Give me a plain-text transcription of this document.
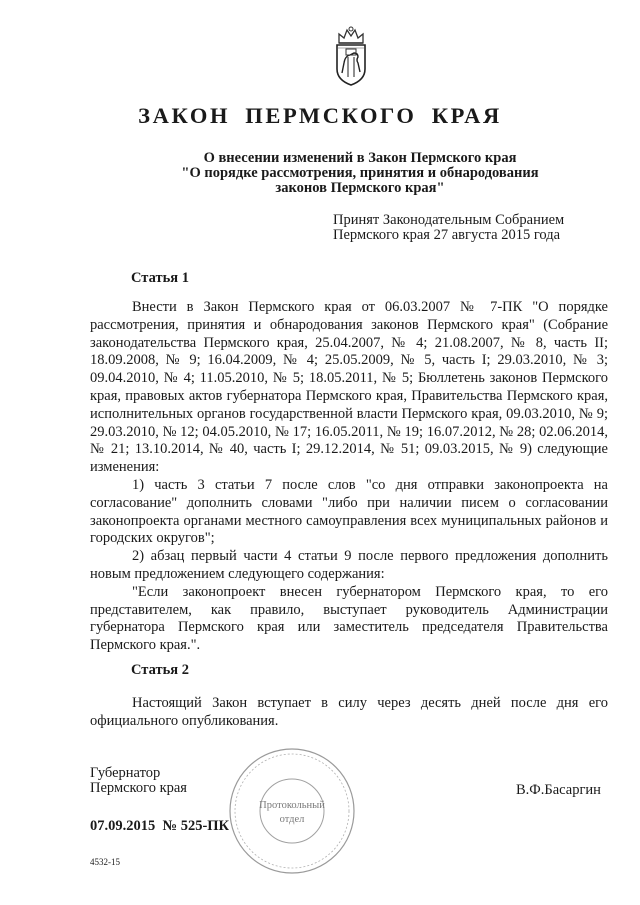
ЗАКОН ПЕРМСКОГО КРАЯ
О внесении изменений в Закон Пермского края
"О порядке рассмотрения, принятия и обнародования
законов Пермского края"
Принят Законодательным Собранием
Пермского края 27 августа 2015 года
Статья 1

Внести в Закон Пермского края от 06.03.2007 № 7-ПК "О порядке рассмотрения, принятия и обнародования законов Пермского края" (Собрание законодательства Пермского края, 25.04.2007, № 4; 21.08.2007, № 8, часть II; 18.09.2008, № 9; 16.04.2009, № 4; 25.05.2009, № 5, часть I; 29.03.2010, № 3; 09.04.2010, № 4; 11.05.2010, № 5; 18.05.2011, № 5; Бюллетень законов Пермского края, правовых актов губернатора Пермского края, Правительства Пермского края, исполнительных органов государственной власти Пермского края, 09.03.2010, № 9; 29.03.2010, № 12; 04.05.2010, № 17; 16.05.2011, № 19; 16.07.2012, № 28; 02.06.2014, № 21; 13.10.2014, № 40, часть I; 29.12.2014, № 51; 09.03.2015, № 9) следующие изменения:

1) часть 3 статьи 7 после слов "со дня отправки законопроекта на согласование" дополнить словами "либо при наличии писем о согласовании законопроекта органами местного самоуправления всех муниципальных районов и городских округов";

2) абзац первый части 4 статьи 9 после первого предложения дополнить новым предложением следующего содержания:

"Если законопроект внесен губернатором Пермского края, то его представителем, как правило, выступает руководитель Администрации губернатора Пермского края или заместитель председателя Правительства Пермского края.".

Статья 2

Настоящий Закон вступает в силу через десять дней после дня его официального опубликования.

Протокольный
отдел
Губернатор
Пермского края	В.Ф.Басаргин
07.09.2015  № 525-ПК
4532-15
